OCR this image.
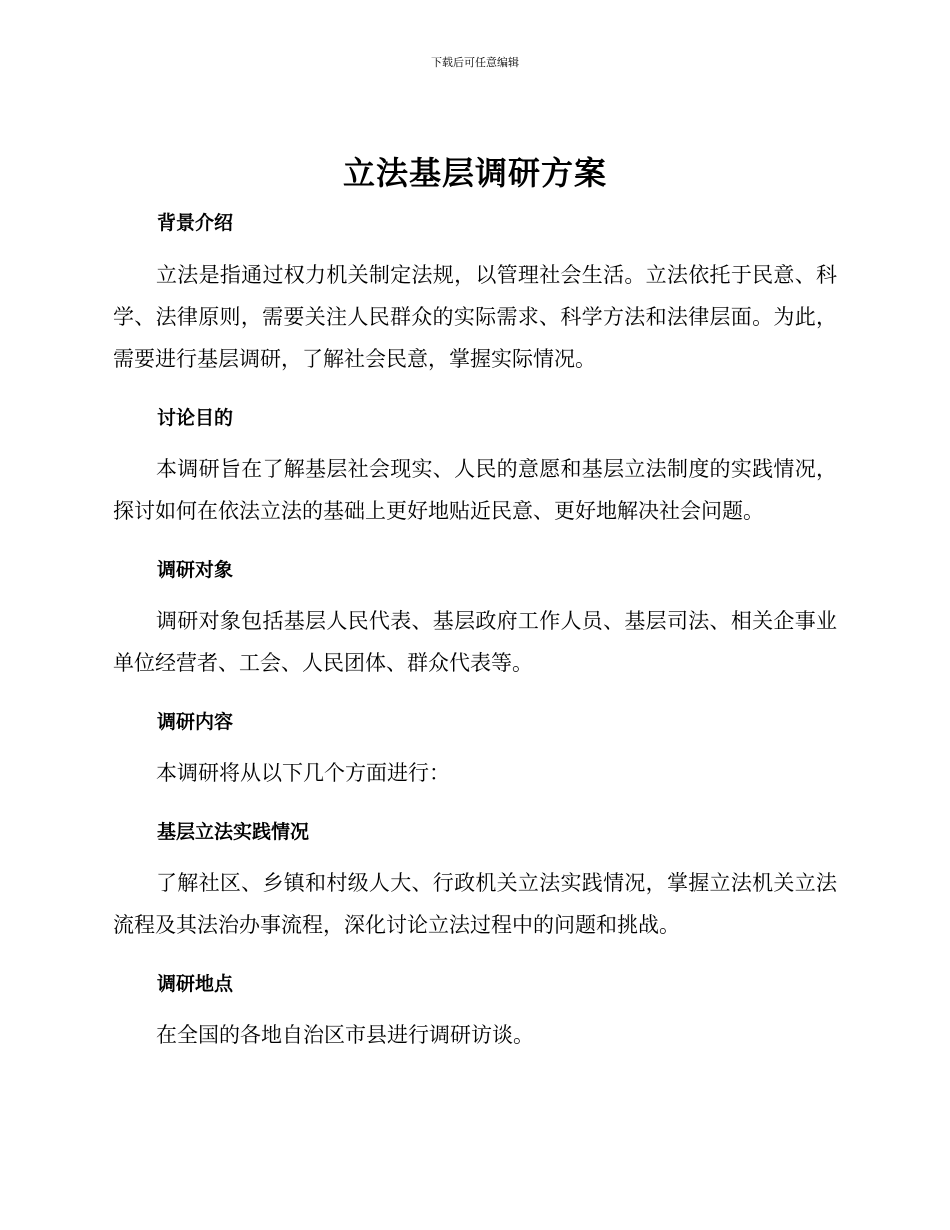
下载后可任意编辑
立法基层调研方案
背景介绍
立法是指通过权力机关制定法规，以管理社会生活。立法依托于民意、科学、法律原则，需要关注人民群众的实际需求、科学方法和法律层面。为此，需要进行基层调研，了解社会民意，掌握实际情况。
讨论目的
本调研旨在了解基层社会现实、人民的意愿和基层立法制度的实践情况，探讨如何在依法立法的基础上更好地贴近民意、更好地解决社会问题。
调研对象
调研对象包括基层人民代表、基层政府工作人员、基层司法、相关企事业单位经营者、工会、人民团体、群众代表等。
调研内容
本调研将从以下几个方面进行：
基层立法实践情况
了解社区、乡镇和村级人大、行政机关立法实践情况，掌握立法机关立法流程及其法治办事流程，深化讨论立法过程中的问题和挑战。
调研地点
在全国的各地自治区市县进行调研访谈。
